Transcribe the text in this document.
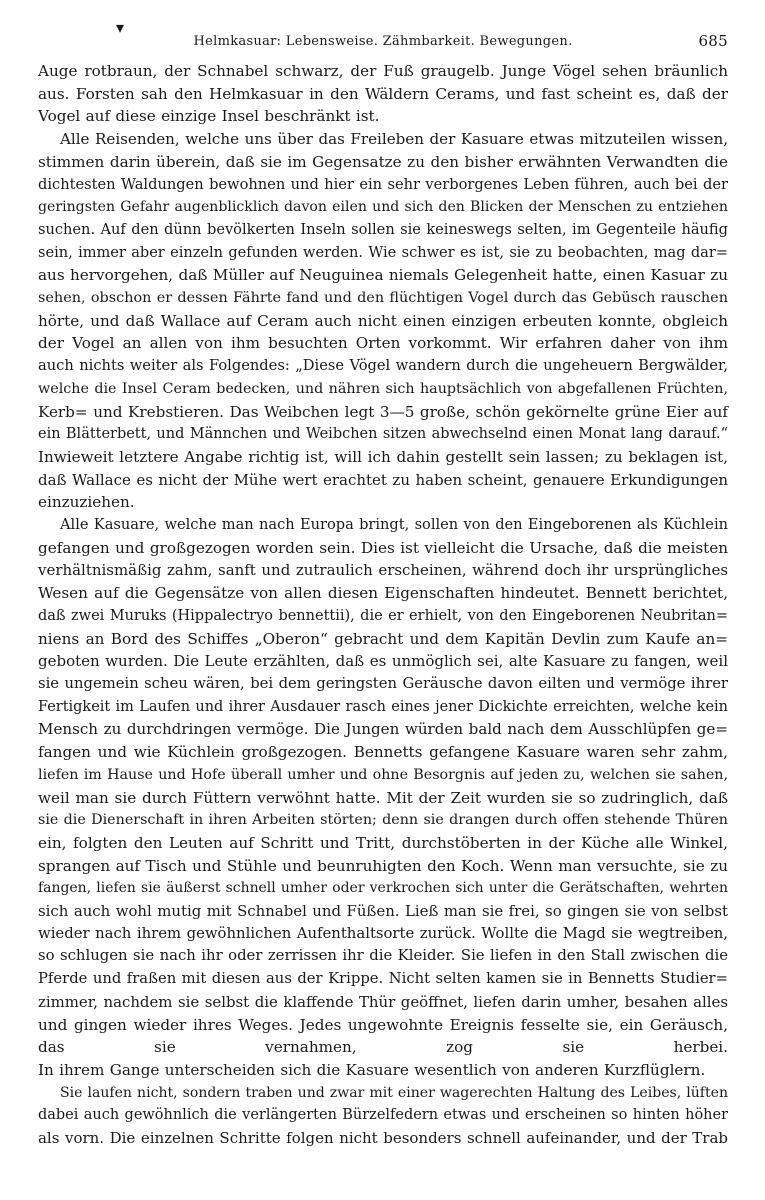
▾
Helmkasuar: Lebensweise. Zähmbarkeit. Bewegungen.	685
Auge rotbraun, der Schnabel schwarz, der Fuß graugelb. Junge Vögel sehen bräunlich
aus. Forsten sah den Helmkasuar in den Wäldern Cerams, und fast scheint es, daß der
Vogel auf diese einzige Insel beschränkt ist.
Alle Reisenden, welche uns über das Freileben der Kasuare etwas mitzuteilen wissen,
stimmen darin überein, daß sie im Gegensatze zu den bisher erwähnten Verwandten die
dichtesten Waldungen bewohnen und hier ein sehr verborgenes Leben führen, auch bei der
geringsten Gefahr augenblicklich davon eilen und sich den Blicken der Menschen zu entziehen
suchen. Auf den dünn bevölkerten Inseln sollen sie keineswegs selten, im Gegenteile häufig
sein, immer aber einzeln gefunden werden. Wie schwer es ist, sie zu beobachten, mag dar=
aus hervorgehen, daß Müller auf Neuguinea niemals Gelegenheit hatte, einen Kasuar zu
sehen, obschon er dessen Fährte fand und den flüchtigen Vogel durch das Gebüsch rauschen
hörte, und daß Wallace auf Ceram auch nicht einen einzigen erbeuten konnte, obgleich
der Vogel an allen von ihm besuchten Orten vorkommt. Wir erfahren daher von ihm
auch nichts weiter als Folgendes: „Diese Vögel wandern durch die ungeheuern Bergwälder,
welche die Insel Ceram bedecken, und nähren sich hauptsächlich von abgefallenen Früchten,
Kerb= und Krebstieren. Das Weibchen legt 3—5 große, schön gekörnelte grüne Eier auf
ein Blätterbett, und Männchen und Weibchen sitzen abwechselnd einen Monat lang darauf.“
Inwieweit letztere Angabe richtig ist, will ich dahin gestellt sein lassen; zu beklagen ist,
daß Wallace es nicht der Mühe wert erachtet zu haben scheint, genauere Erkundigungen
einzuziehen.
Alle Kasuare, welche man nach Europa bringt, sollen von den Eingeborenen als Küchlein
gefangen und großgezogen worden sein. Dies ist vielleicht die Ursache, daß die meisten
verhältnismäßig zahm, sanft und zutraulich erscheinen, während doch ihr ursprüngliches
Wesen auf die Gegensätze von allen diesen Eigenschaften hindeutet. Bennett berichtet,
daß zwei Muruks (Hippalectryo bennettii), die er erhielt, von den Eingeborenen Neubritan=
niens an Bord des Schiffes „Oberon“ gebracht und dem Kapitän Devlin zum Kaufe an=
geboten wurden. Die Leute erzählten, daß es unmöglich sei, alte Kasuare zu fangen, weil
sie ungemein scheu wären, bei dem geringsten Geräusche davon eilten und vermöge ihrer
Fertigkeit im Laufen und ihrer Ausdauer rasch eines jener Dickichte erreichten, welche kein
Mensch zu durchdringen vermöge. Die Jungen würden bald nach dem Ausschlüpfen ge=
fangen und wie Küchlein großgezogen. Bennetts gefangene Kasuare waren sehr zahm,
liefen im Hause und Hofe überall umher und ohne Besorgnis auf jeden zu, welchen sie sahen,
weil man sie durch Füttern verwöhnt hatte. Mit der Zeit wurden sie so zudringlich, daß
sie die Dienerschaft in ihren Arbeiten störten; denn sie drangen durch offen stehende Thüren
ein, folgten den Leuten auf Schritt und Tritt, durchstöberten in der Küche alle Winkel,
sprangen auf Tisch und Stühle und beunruhigten den Koch. Wenn man versuchte, sie zu
fangen, liefen sie äußerst schnell umher oder verkrochen sich unter die Gerätschaften, wehrten
sich auch wohl mutig mit Schnabel und Füßen. Ließ man sie frei, so gingen sie von selbst
wieder nach ihrem gewöhnlichen Aufenthaltsorte zurück. Wollte die Magd sie wegtreiben,
so schlugen sie nach ihr oder zerrissen ihr die Kleider. Sie liefen in den Stall zwischen die
Pferde und fraßen mit diesen aus der Krippe. Nicht selten kamen sie in Bennetts Studier=
zimmer, nachdem sie selbst die klaffende Thür geöffnet, liefen darin umher, besahen alles
und gingen wieder ihres Weges. Jedes ungewohnte Ereignis fesselte sie, ein Geräusch,
das sie vernahmen, zog sie herbei.
In ihrem Gange unterscheiden sich die Kasuare wesentlich von anderen Kurzflüglern.
Sie laufen nicht, sondern traben und zwar mit einer wagerechten Haltung des Leibes, lüften
dabei auch gewöhnlich die verlängerten Bürzelfedern etwas und erscheinen so hinten höher
als vorn. Die einzelnen Schritte folgen nicht besonders schnell aufeinander, und der Trab
